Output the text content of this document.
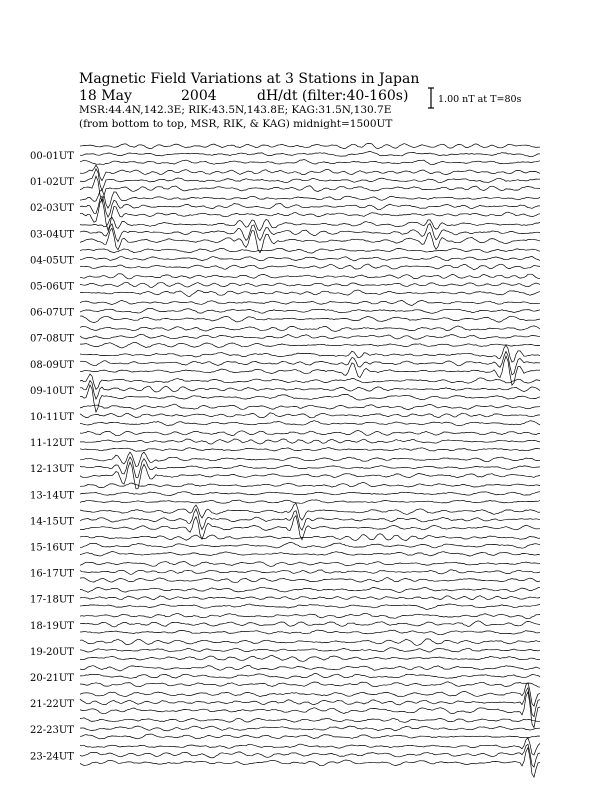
Magnetic Field Variations at 3 Stations in Japan
18 May	2004	dH/dt (filter:40-160s)
MSR:44.4N,142.3E; RIK:43.5N,143.8E; KAG:31.5N,130.7E
(from bottom to top, MSR, RIK, & KAG) midnight=1500UT
1.00 nT at T=80s
00-01UT
01-02UT
02-03UT
03-04UT
04-05UT
05-06UT
06-07UT
07-08UT
08-09UT
09-10UT
10-11UT
11-12UT
12-13UT
13-14UT
14-15UT
15-16UT
16-17UT
17-18UT
18-19UT
19-20UT
20-21UT
21-22UT
22-23UT
23-24UT
